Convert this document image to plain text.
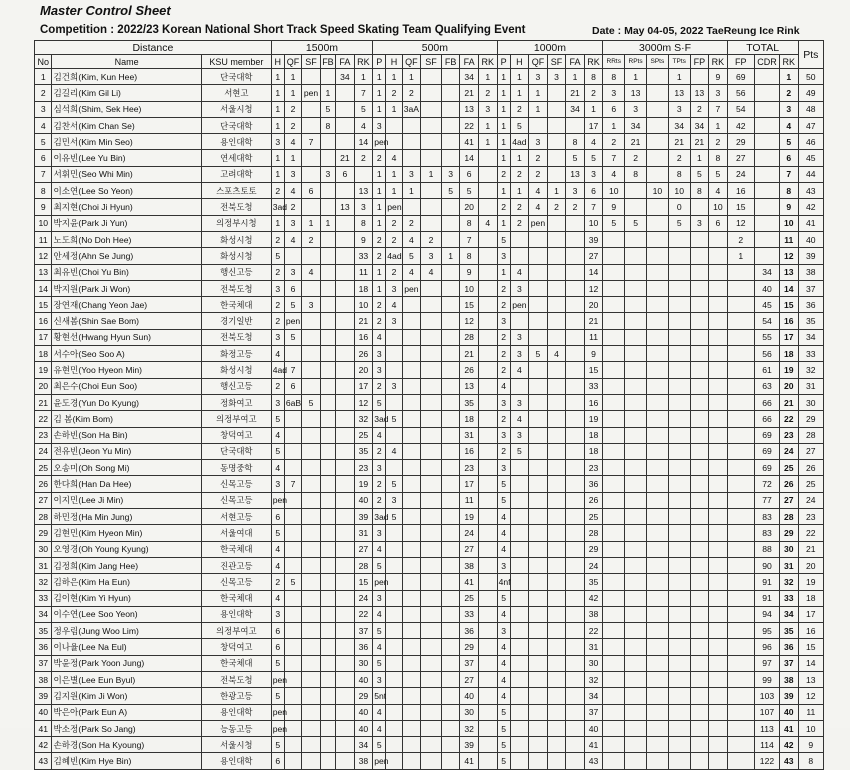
Master Control Sheet
Competition : 2022/23 Korean National Short Track Speed Skating Team Qualifying Event	Date : May 04-05, 2022 TaeReung Ice Rink
Distance			1500m						500m							1000m						3000m S·F						TOTAL			Pts
No	Name	KSU member	H	QF	SF	FB	FA	RK	P	H	QF	SF	FB	FA	RK	P	H	QF	SF	FA	RK	RRts	RPts	SPts	TPts	FP	RK	FP	CDR	RK	
1	김건희(Kim, Kun Hee)	단국대학	1	1			34	1	1	1	1			34	1	1	1	3	3	1	8	8	1		1		9	69		1	50
2	김길리(Kim Gil Li)	서현고	1	1	pen	1		7	1	2	2			21	2	1	1	1		21	2	3	13		13	13	3	56		2	49
3	심석희(Shim, Sek Hee)	서울시청	1	2		5		5	1	1	3aA			13	3	1	2	1		34	1	6	3		3	2	7	54		3	48
4	김찬서(Kim Chan Se)	단국대학	1	2		8		4	3					22	1	1	5				17	1	34		34	34	1	42		4	47
5	김민서(Kim Min Seo)	용인대학	3	4	7			14	pen					41	1	1	4ad	3		8	4	2	21		21	21	2	29		5	46
6	이유빈(Lee Yu Bin)	연세대학	1	1			21	2	2	4				14		1	1	2		5	5	7	2		2	1	8	27		6	45
7	서휘민(Seo Whi Min)	고려대학	1	3		3	6		1	1	3	1	3	6		2	2	2		13	3	4	8		8	5	5	24		7	44
8	이소연(Lee So Yeon)	스포츠토토	2	4	6			13	1	1	1		5	5		1	1	4	1	3	6	10		10	10	8	4	16		8	43
9	최지현(Choi Ji Hyun)	전북도청	3ad	2			13	3	1	pen				20		2	2	4	2	2	7	9			0		10	15		9	42
10	박지윤(Park Ji Yun)	의정부시청	1	3	1	1		8	1	2	2			8	4	1	2	pen			10	5	5		5	3	6	12		10	41
11	노도희(No Doh Hee)	화성시청	2	4	2			9	2	2	4	2		7		5					39							2		11	40
12	안세정(Ahn Se Jung)	화성시청	5					33	2	4ad	5	3	1	8		3					27							1		12	39
13	최유빈(Choi Yu Bin)	행신고등	2	3	4			11	1	2	4	4		9		1	4				14								34	13	38
14	박지원(Park Ji Won)	전북도청	3	6				18	1	3	pen			10		2	3				12								40	14	37
15	장연재(Chang Yeon Jae)	한국체대	2	5	3			10	2	4				15		2	pen				20								45	15	36
16	신새봄(Shin Sae Bom)	경기일반	2	pen				21	2	3				12		3					21								54	16	35
17	황현선(Hwang Hyun Sun)	전북도청	3	5				16	4					28		2	3				11								55	17	34
18	서수아(Seo Soo A)	화정고등	4					26	3					21		2	3	5	4		9								56	18	33
19	유현민(Yoo Hyeon Min)	화성시청	4ad	7				20	3					26		2	4				15								61	19	32
20	최은수(Choi Eun Soo)	행신고등	2	6				17	2	3				13		4					33								63	20	31
21	윤도경(Yun Do Kyung)	정화여고	3	6aB	5			12	5					35		3	3				16								66	21	30
22	김 봄(Kim Bom)	의정부여고	5					32	3ad	5				18		2	4				19								66	22	29
23	손하빈(Son Ha Bin)	창덕여고	4					25	4					31		3	3				18								69	23	28
24	전유빈(Jeon Yu Min)	단국대학	5					35	2	4				16		2	5				18								69	24	27
25	오송미(Oh Song Mi)	동명중학	4					23	3					23		3					23								69	25	26
26	한다희(Han Da Hee)	신목고등	3	7				19	2	5				17		5					36								72	26	25
27	이지민(Lee Ji Min)	신목고등	pen					40	2	3				11		5					26								77	27	24
28	하민정(Ha Min Jung)	서현고등	6					39	3ad	5				19		4					25								83	28	23
29	김현민(Kim Hyeon Min)	서울여대	5					31	3					24		4					28								83	29	22
30	오영경(Oh Young Kyung)	한국체대	4					27	4					27		4					29								88	30	21
31	김정희(Kim Jang Hee)	진관고등	4					28	5					38		3					24								90	31	20
32	김하은(Kim Ha Eun)	신목고등	2	5				15	pen					41		4nf					35								91	32	19
33	김이현(Kim Yi Hyun)	한국체대	4					24	3					25		5					42								91	33	18
34	이수연(Lee Soo Yeon)	용인대학	3					22	4					33		4					38								94	34	17
35	정우림(Jung Woo Lim)	의정부여고	6					37	5					36		3					22								95	35	16
36	이나율(Lee Na Eul)	창덕여고	6					36	4					29		4					31								96	36	15
37	박윤정(Park Yoon Jung)	한국체대	5					30	5					37		4					30								97	37	14
38	이은별(Lee Eun Byul)	전북도청	pen					40	3					27		4					32								99	38	13
39	김지원(Kim Ji Won)	한광고등	5					29	5nt					40		4					34								103	39	12
40	박은아(Park Eun A)	용인대학	pen					40	4					30		5					37								107	40	11
41	박소정(Park So Jang)	능동고등	pen					40	4					32		5					40								113	41	10
42	손하경(Son Ha Kyoung)	서울시청	5					34	5					39		5					41								114	42	9
43	김혜빈(Kim Hye Bin)	용인대학	6					38	pen					41		5					43								122	43	8
